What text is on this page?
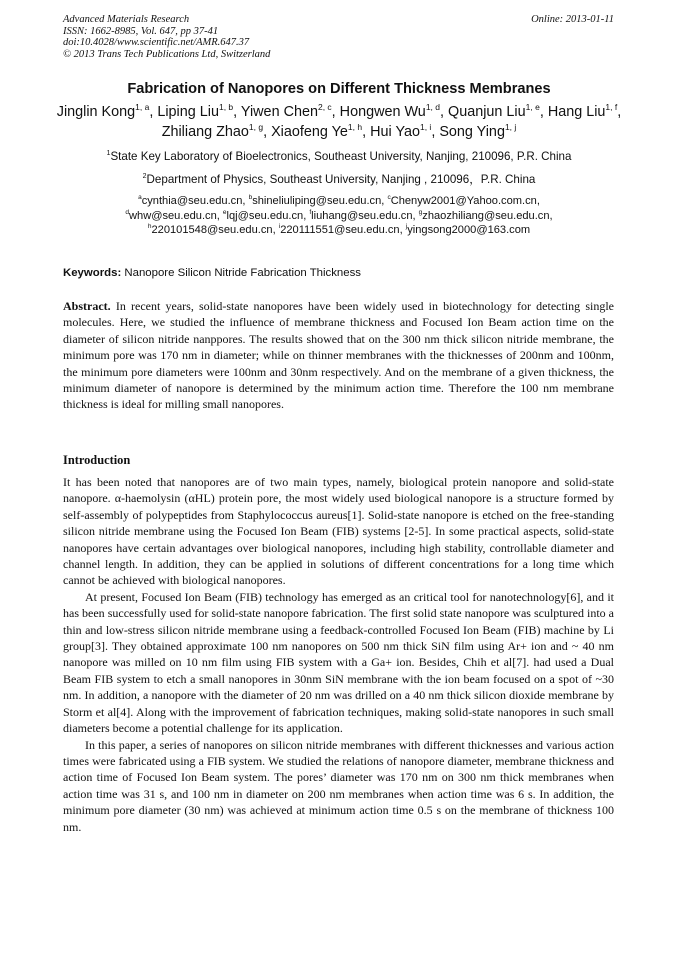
Advanced Materials Research
ISSN: 1662-8985, Vol. 647, pp 37-41
doi:10.4028/www.scientific.net/AMR.647.37
© 2013 Trans Tech Publications Ltd, Switzerland
Online: 2013-01-11
Fabrication of Nanopores on Different Thickness Membranes
Jinglin Kong$^{1, a}$, Liping Liu$^{1, b}$, Yiwen Chen$^{2, c}$, Hongwen Wu$^{1, d}$, Quanjun Liu$^{1, e}$, Hang Liu$^{1, f}$, Zhiliang Zhao$^{1, g}$, Xiaofeng Ye$^{1, h}$, Hui Yao$^{1, i}$, Song Ying$^{1, j}$
$^1$State Key Laboratory of Bioelectronics, Southeast University, Nanjing, 210096, P.R. China
$^2$Department of Physics, Southeast University, Nanjing , 210096，P.R. China
$^a$cynthia@seu.edu.cn, $^b$shineliuliping@seu.edu.cn, $^c$Chenyw2001@Yahoo.com.cn,
$^d$whw@seu.edu.cn, $^e$lqj@seu.edu.cn, $^f$liuhang@seu.edu.cn, $^g$zhaozhiliang@seu.edu.cn,
$^h$220101548@seu.edu.cn, $^i$220111551@seu.edu.cn, $^j$yingsong2000@163.com
Keywords: Nanopore Silicon Nitride Fabrication Thickness

Abstract. In recent years, solid-state nanopores have been widely used in biotechnology for detecting single molecules. Here, we studied the influence of membrane thickness and Focused Ion Beam action time on the diameter of silicon nitride nanppores. The results showed that on the 300 nm thick silicon nitride membrane, the minimum pore was 170 nm in diameter; while on thinner membranes with the thicknesses of 200nm and 100nm, the minimum pore diameters were 100nm and 30nm respectively. And on the membrane of a given thickness, the minimum diameter of nanopore is determined by the minimum action time. Therefore the 100 nm membrane thickness is ideal for milling small nanopores.

Introduction

It has been noted that nanopores are of two main types, namely, biological protein nanopore and solid-state nanopore. α-haemolysin (αHL) protein pore, the most widely used biological nanopore is a structure formed by self-assembly of polypeptides from Staphylococcus aureus[1]. Solid-state nanopore is etched on the free-standing silicon nitride membrane using the Focused Ion Beam (FIB) systems [2-5]. In some practical aspects, solid-state nanopores have certain advantages over biological nanopores, including high stability, controllable diameter and channel length. In addition, they can be applied in solutions of different concentrations for a long time which cannot be achieved with biological nanopores.

At present, Focused Ion Beam (FIB) technology has emerged as an critical tool for nanotechnology[6], and it has been successfully used for solid-state nanopore fabrication. The first solid state nanopore was sculptured into a thin and low-stress silicon nitride membrane using a feedback-controlled Focused Ion Beam (FIB) machine by Li group[3]. They obtained approximate 100 nm nanopores on 500 nm thick SiN film using Ar+ ion and ~ 40 nm nanopore was milled on 10 nm film using FIB system with a Ga+ ion. Besides, Chih et al[7]. had used a Dual Beam FIB system to etch a small nanopores in 30nm SiN membrane with the ion beam focused on a spot of ~30 nm. In addition, a nanopore with the diameter of 20 nm was drilled on a 40 nm thick silicon dioxide membrane by Storm et al[4]. Along with the improvement of fabrication techniques, making solid-state nanopores in such small diameters become a potential challenge for its application.

In this paper, a series of nanopores on silicon nitride membranes with different thicknesses and various action times were fabricated using a FIB system. We studied the relations of nanopore diameter, membrane thickness and action time of Focused Ion Beam system. The pores’ diameter was 170 nm on 300 nm thick membranes when action time was 31 s, and 100 nm in diameter on 200 nm membranes when action time was 6 s. In addition, the minimum pore diameter (30 nm) was achieved at minimum action time 0.5 s on the membrane of thickness 100 nm.
